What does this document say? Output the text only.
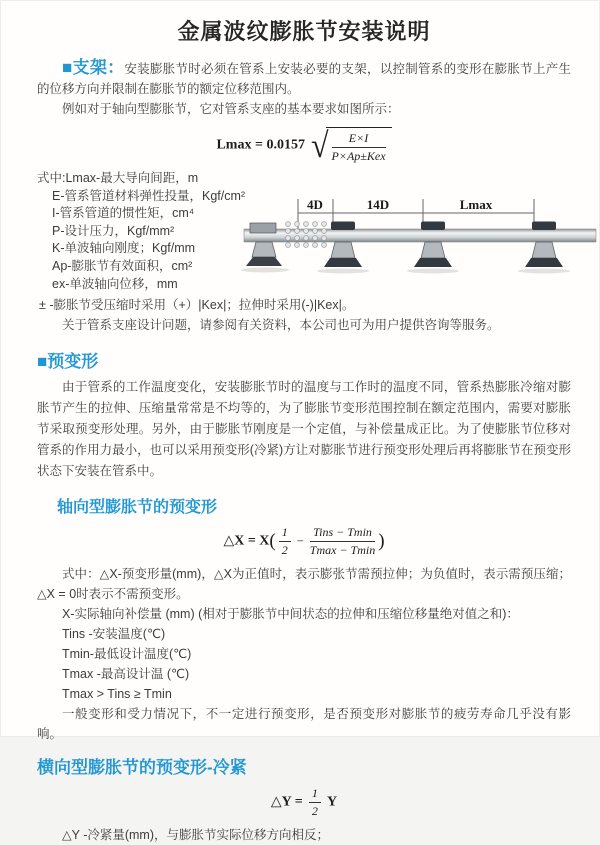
金属波纹膨胀节安装说明

■支架：安装膨胀节时必须在管系上安装必要的支架，以控制管系的变形在膨胀节上产生的位移方向并限制在膨胀节的额定位移范围内。

例如对于轴向型膨胀节，它对管系支座的基本要求如图所示：

Lmax = 0.0157 √ $\frac{E\times I}{\text{P×Ap±Kex}}$
式中:Lmax-最大导向间距，m
E-管系管道材料弹性投量，Kgf/cm²
I-管系管道的惯性矩，cm⁴
P-设计压力，Kgf/mm²
K-单波轴向刚度；Kgf/mm
Ap-膨胀节有效面积，cm²
ex-单波轴向位移，mm
± -膨胀节受压缩时采用（+）|Kex|；拉伸时采用(-)|Kex|。

关于管系支座设计问题，请参阅有关资料，本公司也可为用户提供咨询等服务。

4D	14D	Lmax
■预变形

由于管系的工作温度变化，安装膨胀节时的温度与工作时的温度不同，管系热膨胀冷缩对膨胀节产生的拉伸、压缩量常常是不均等的，为了膨胀节变形范围控制在额定范围内，需要对膨胀节采取预变形处理。另外，由于膨胀节刚度是一个定值，与补偿量成正比。为了使膨胀节位移对管系的作用力最小，也可以采用预变形(冷紧)方让对膨胀节进行预变形处理后再将膨胀节在预变形状态下安装在管系中。

轴向型膨胀节的预变形
△X = $X( \frac{1}{2} - \frac{\text{Tins − Tmin}}{Tmax - Tmin}$ )

式中：△X-预变形量(mm)，△X为正值时，表示膨张节需预拉伸；为负值时，表示需预压缩；△X = 0时表示不需预变形。

X-实际轴向补偿量 (mm) (相对于膨胀节中间状态的拉伸和压缩位移量绝对值之和)：
Tins -安装温度(℃)
Tmin-最低设计温度(℃)
Tmax -最高设计温 (℃)
Tmax > Tins ≥ Tmin

一般变形和受力情况下，不一定进行预变形，是否预变形对膨胀节的疲劳寿命几乎没有影响。

横向型膨胀节的预变形-冷紧
△Y = $\frac{1}{2}$ Y
△Y -冷紧量(mm)，与膨胀节实际位移方向相反；
